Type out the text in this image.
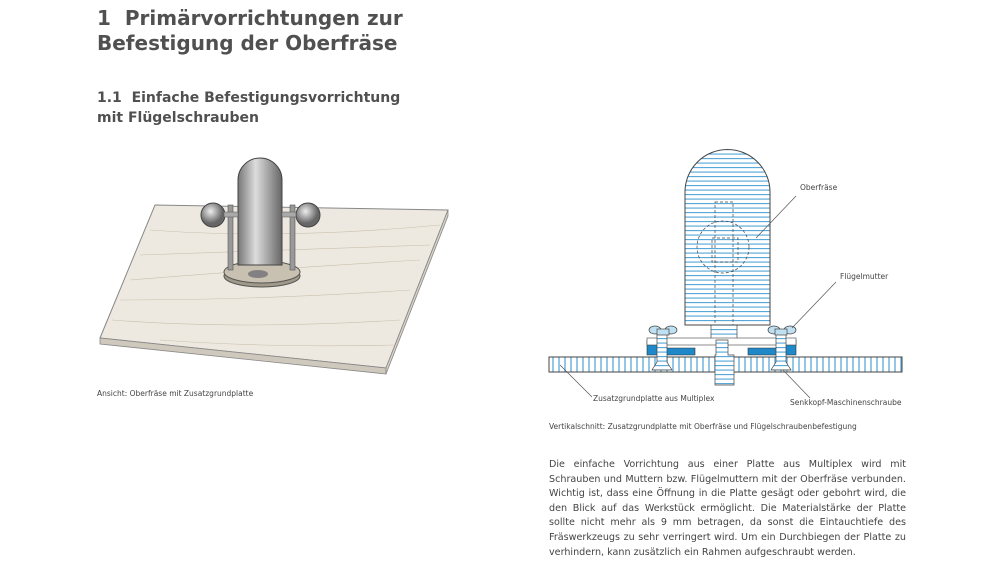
1 Primärvorrichtungen zur
Befestigung der Oberfräse
1.1 Einfache Befestigungsvorrichtung
mit Flügelschrauben
Ansicht: Oberfräse mit Zusatzgrundplatte
Oberfräse
Flügelmutter
Zusatzgrundplatte aus Multiplex	Senkkopf-Maschinenschraube
Vertikalschnitt: Zusatzgrundplatte mit Oberfräse und Flügelschraubenbefestigung

Die einfache Vorrichtung aus einer Platte aus Multiplex wird mit Schrauben und Muttern bzw. Flügelmuttern mit der Oberfräse verbunden. Wichtig ist, dass eine Öffnung in die Platte gesägt oder gebohrt wird, die den Blick auf das Werkstück ermöglicht. Die Materialstärke der Platte sollte nicht mehr als 9 mm betragen, da sonst die Eintauchtiefe des Fräswerkzeugs zu sehr verringert wird. Um ein Durchbiegen der Platte zu verhindern, kann zusätzlich ein Rahmen aufgeschraubt werden.
